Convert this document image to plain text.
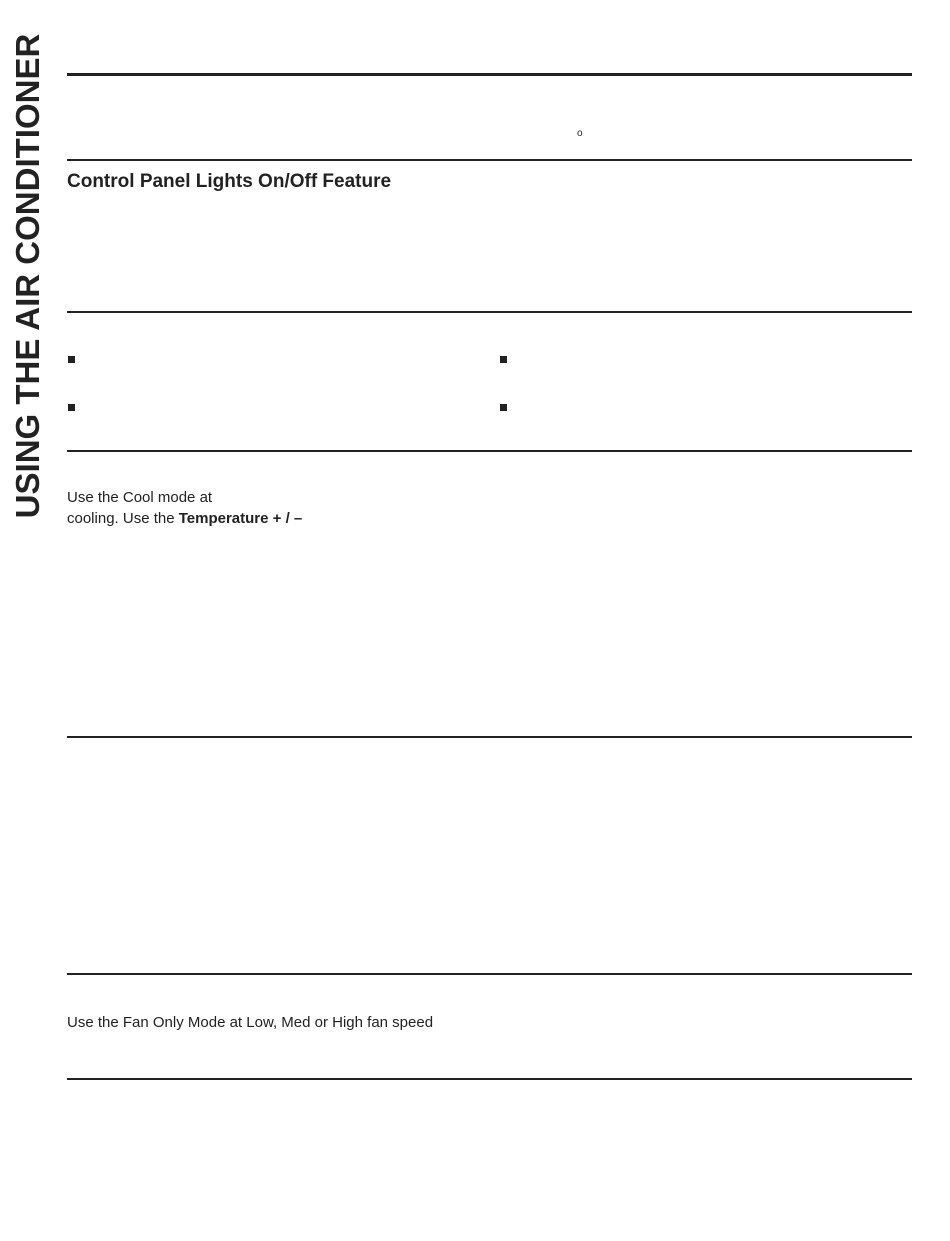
USING THE AIR CONDITIONER	o
Control Panel Lights On/Off Feature
Use the Cool mode at
cooling. Use the Temperature + / –
Use the Fan Only Mode at Low, Med or High fan speed
